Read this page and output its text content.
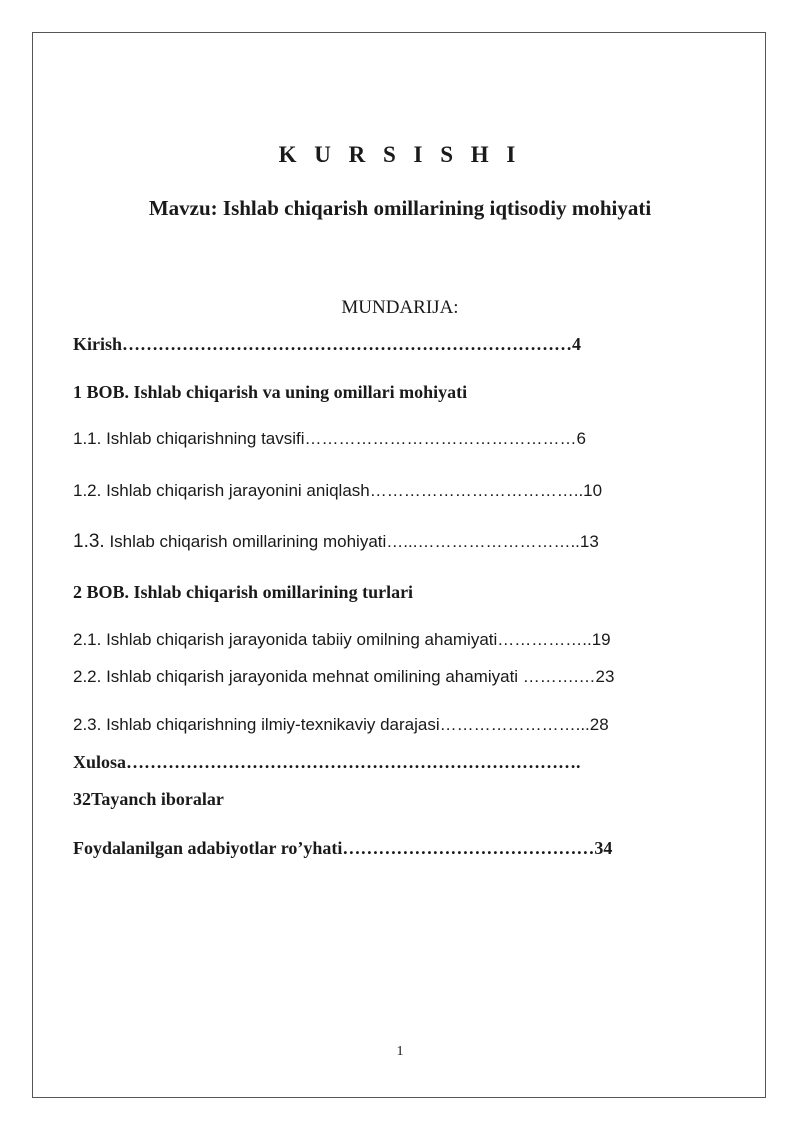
K U R S I S H I
Mavzu: Ishlab chiqarish omillarining iqtisodiy mohiyati
MUNDARIJA:
Kirish…………………………………………………………………4
1 BOB. Ishlab chiqarish va uning omillari mohiyati
1.1. Ishlab chiqarishning tavsifi…………………………………………6
1.2. Ishlab chiqarish jarayonini aniqlash………………………………..10
1.3. Ishlab chiqarish omillarining mohiyati…...………………………..13
2 BOB. Ishlab chiqarish omillarining turlari
2.1. Ishlab chiqarish jarayonida tabiiy omilning ahamiyati……………..19
2.2. Ishlab chiqarish jarayonida mehnat omilining ahamiyati ……….…23
2.3. Ishlab chiqarishning ilmiy-texnikaviy darajasi……………………...28
Xulosa………………………………………………………………….
32Tayanch iboralar
Foydalanilgan adabiyotlar ro’yhati……………………………………34
1
